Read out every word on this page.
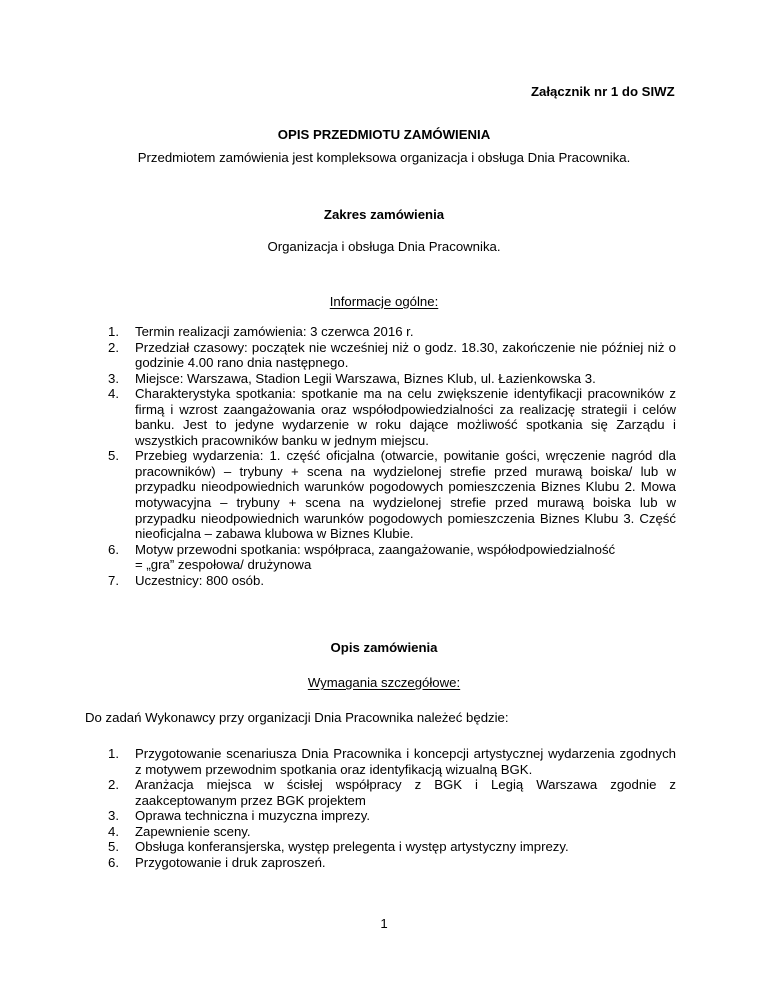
Załącznik nr 1 do SIWZ
OPIS PRZEDMIOTU ZAMÓWIENIA
Przedmiotem zamówienia jest kompleksowa organizacja i obsługa Dnia Pracownika.
Zakres zamówienia
Organizacja i obsługa Dnia Pracownika.
Informacje ogólne:
1. Termin realizacji zamówienia: 3 czerwca 2016 r.
2. Przedział czasowy: początek nie wcześniej niż o godz. 18.30, zakończenie nie później niż o godzinie 4.00 rano dnia następnego.
3. Miejsce: Warszawa, Stadion Legii Warszawa, Biznes Klub, ul. Łazienkowska 3.
4. Charakterystyka spotkania: spotkanie ma na celu zwiększenie identyfikacji pracowników z firmą i wzrost zaangażowania oraz współodpowiedzialności za realizację strategii i celów banku. Jest to jedyne wydarzenie w roku dające możliwość spotkania się Zarządu i wszystkich pracowników banku w jednym miejscu.
5. Przebieg wydarzenia: 1. część oficjalna (otwarcie, powitanie gości, wręczenie nagród dla pracowników) – trybuny + scena na wydzielonej strefie przed murawą boiska/ lub w przypadku nieodpowiednich warunków pogodowych pomieszczenia Biznes Klubu 2. Mowa motywacyjna – trybuny + scena na wydzielonej strefie przed murawą boiska lub w przypadku nieodpowiednich warunków pogodowych pomieszczenia Biznes Klubu 3. Część nieoficjalna – zabawa klubowa w Biznes Klubie.
6. Motyw przewodni spotkania: współpraca, zaangażowanie, współodpowiedzialność
= „gra” zespołowa/ drużynowa
7. Uczestnicy: 800 osób.
Opis zamówienia
Wymagania szczegółowe:
Do zadań Wykonawcy przy organizacji Dnia Pracownika należeć będzie:
1. Przygotowanie scenariusza Dnia Pracownika i koncepcji artystycznej wydarzenia zgodnych z motywem przewodnim spotkania oraz identyfikacją wizualną BGK.
2. Aranżacja miejsca w ścisłej współpracy z BGK i Legią Warszawa zgodnie z zaakceptowanym przez BGK projektem
3. Oprawa techniczna i muzyczna imprezy.
4. Zapewnienie sceny.
5. Obsługa konferansjerska, występ prelegenta i występ artystyczny imprezy.
6. Przygotowanie i druk zaproszeń.
1
